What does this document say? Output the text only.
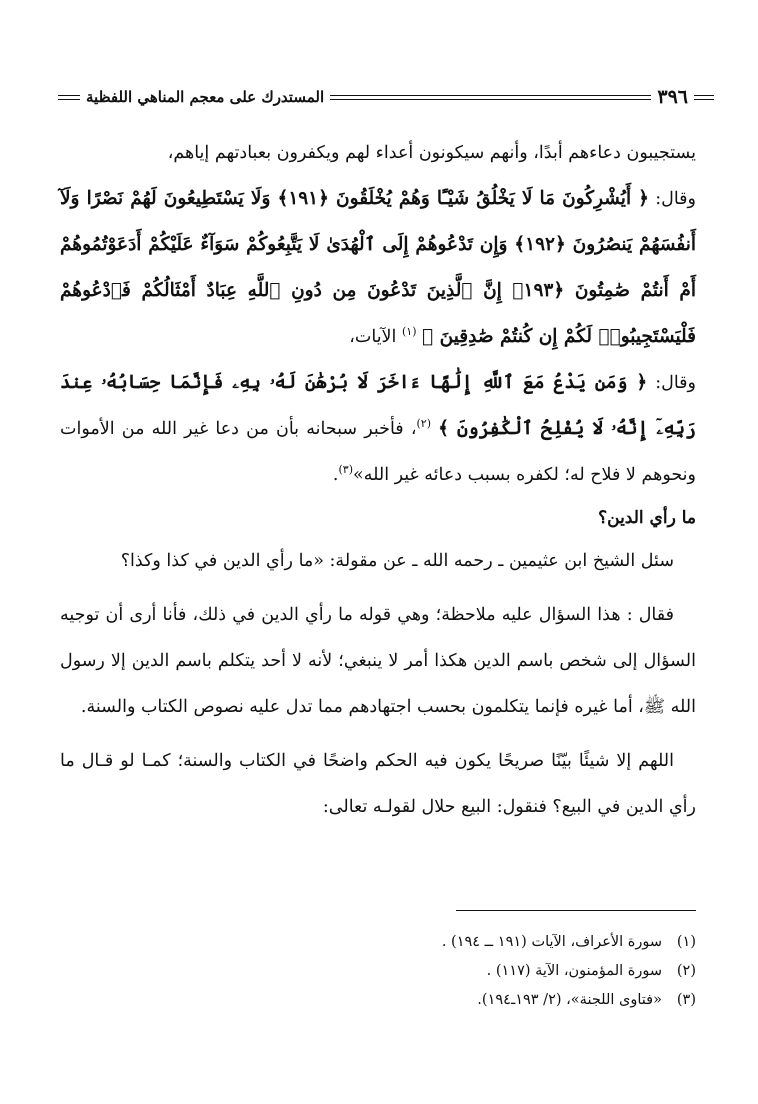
٣٩٦
المستدرك على معجم المناهي اللفظية

يستجيبون دعاءهم أبدًا، وأنهم سيكونون أعداء لهم ويكفرون بعبادتهم إياهم،

وقال: ﴿ أَيُشْرِكُونَ مَا لَا يَخْلُقُ شَيْـًٔا وَهُمْ يُخْلَقُونَ ﴿١٩١﴾ وَلَا يَسْتَطِيعُونَ لَهُمْ نَصْرًا وَلَآ أَنفُسَهُمْ يَنصُرُونَ ﴿١٩٢﴾ وَإِن تَدْعُوهُمْ إِلَى ٱلْهُدَىٰ لَا يَتَّبِعُوكُمْ سَوَآءٌ عَلَيْكُمْ أَدَعَوْتُمُوهُمْ أَمْ أَنتُمْ صَٰمِتُونَ ﴿١٩٣﴾ إِنَّ ٱلَّذِينَ تَدْعُونَ مِن دُونِ ٱللَّهِ عِبَادٌ أَمْثَالُكُمْ فَٱدْعُوهُمْ فَلْيَسْتَجِيبُوا۟ لَكُمْ إِن كُنتُمْ صَٰدِقِينَ ﴾ $^{(١)}$ الآيات،

وقال: ﴿ وَمَن يَدْعُ مَعَ ٱللَّهِ إِلَٰهًا ءَاخَرَ لَا بُرْهَٰنَ لَهُۥ بِهِۦ فَإِنَّمَا حِسَابُهُۥ عِندَ رَبِّهِۦٓ إِنَّهُۥ لَا يُفْلِحُ ٱلْكَٰفِرُونَ ﴾ $^{(٢)}$، فأخبر سبحانه بأن من دعا غير الله من الأموات ونحوهم لا فلاح له؛ لكفره بسبب دعائه غير الله»$^{(٣)}$.

ما رأي الدين؟

سئل الشيخ ابن عثيمين ـ رحمه الله ـ عن مقولة: «ما رأي الدين في كذا وكذا؟

فقال : هذا السؤال عليه ملاحظة؛ وهي قوله ما رأي الدين في ذلك، فأنا أرى أن توجيه السؤال إلى شخص باسم الدين هكذا أمر لا ينبغي؛ لأنه لا أحد يتكلم باسم الدين إلا رسول الله ﷺ، أما غيره فإنما يتكلمون بحسب اجتهادهم مما تدل عليه نصوص الكتاب والسنة.

اللهم إلا شيئًا بيّنًا صريحًا يكون فيه الحكم واضحًا في الكتاب والسنة؛ كمـا لو قـال ما رأي الدين في البيع؟ فنقول: البيع حلال لقولـه تعالى:

(١)
سورة الأعراف، الآيات (١٩١ ــ ١٩٤) .
(٢)
سورة المؤمنون، الآية (١١٧) .
(٣)
«فتاوى اللجنة»، (٢/ ١٩٣ـ١٩٤).
